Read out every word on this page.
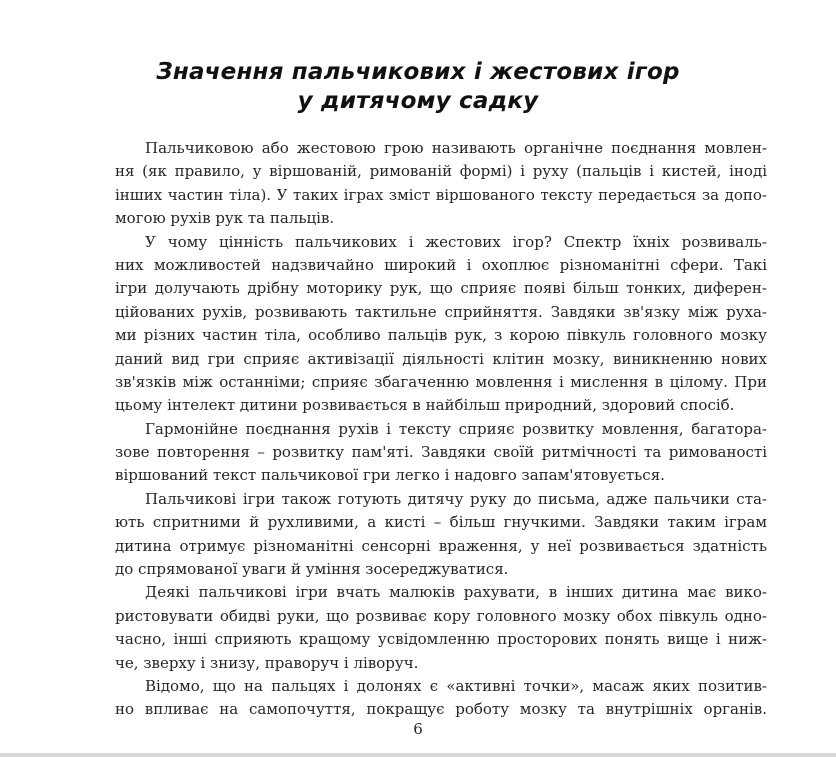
Значення пальчикових і жестових ігор
у дитячому садку
Пальчиковою або жестовою грою називають органічне поєднання мовлен-
ня (як правило, у віршованій, римованій формі) і руху (пальців і кистей, іноді
інших частин тіла). У таких іграх зміст віршованого тексту передається за допо-
могою рухів рук та пальців.
У чому цінність пальчикових і жестових ігор? Спектр їхніх розвиваль-
них можливостей надзвичайно широкий і охоплює різноманітні сфери. Такі
ігри долучають дрібну моторику рук, що сприяє появі більш тонких, диферен-
ційованих рухів, розвивають тактильне сприйняття. Завдяки зв'язку між руха-
ми різних частин тіла, особливо пальців рук, з корою півкуль головного мозку
даний вид гри сприяє активізації діяльності клітин мозку, виникненню нових
зв'язків між останніми; сприяє збагаченню мовлення і мислення в цілому. При
цьому інтелект дитини розвивається в найбільш природний, здоровий спосіб.
Гармонійне поєднання рухів і тексту сприяє розвитку мовлення, багатора-
зове повторення – розвитку пам'яті. Завдяки своїй ритмічності та римованості
віршований текст пальчикової гри легко і надовго запам'ятовується.
Пальчикові ігри також готують дитячу руку до письма, адже пальчики ста-
ють спритними й рухливими, а кисті – більш гнучкими. Завдяки таким іграм
дитина отримує різноманітні сенсорні враження, у неї розвивається здатність
до спрямованої уваги й уміння зосереджуватися.
Деякі пальчикові ігри вчать малюків рахувати, в інших дитина має вико-
ристовувати обидві руки, що розвиває кору головного мозку обох півкуль одно-
часно, інші сприяють кращому усвідомленню просторових понять вище і ниж-
че, зверху і знизу, праворуч і ліворуч.
Відомо, що на пальцях і долонях є «активні точки», масаж яких позитив-
но впливає на самопочуття, покращує роботу мозку та внутрішніх органів.
6
